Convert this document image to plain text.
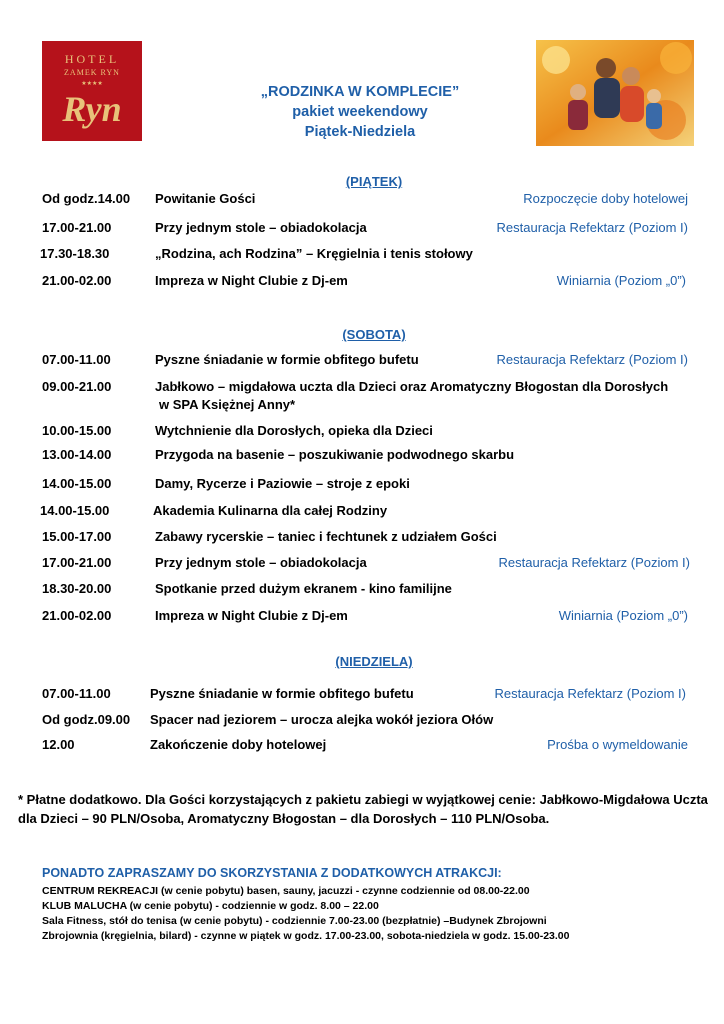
HOTEL
ZAMEK RYN
★★★★
Ryn	„RODZINKA W KOMPLECIE”
pakiet weekendowy
Piątek-Niedziela
(PIĄTEK)
Od godz.14.00 Powitanie Gości	Rozpoczęcie doby hotelowej
17.00-21.00	Przy jednym stole – obiadokolacja	Restauracja Refektarz (Poziom I)
17.30-18.30	„Rodzina, ach Rodzina” – Kręgielnia i tenis stołowy
21.00-02.00	Impreza w Night Clubie z Dj-em	Winiarnia (Poziom „0”)
(SOBOTA)
07.00-11.00	Pyszne śniadanie w formie obfitego bufetu	Restauracja Refektarz (Poziom I)
09.00-21.00	Jabłkowo – migdałowa uczta dla Dzieci oraz Aromatyczny Błogostan dla Dorosłych
w SPA Księżnej Anny*
10.00-15.00	Wytchnienie dla Dorosłych, opieka dla Dzieci
13.00-14.00	Przygoda na basenie – poszukiwanie podwodnego skarbu
14.00-15.00	Damy, Rycerze i Paziowie – stroje z epoki
14.00-15.00	Akademia Kulinarna dla całej Rodziny
15.00-17.00	Zabawy rycerskie – taniec i fechtunek z udziałem Gości
17.00-21.00	Przy jednym stole – obiadokolacja	Restauracja Refektarz (Poziom I)
18.30-20.00	Spotkanie przed dużym ekranem - kino familijne
21.00-02.00	Impreza w Night Clubie z Dj-em	Winiarnia (Poziom „0”)
(NIEDZIELA)
07.00-11.00	Pyszne śniadanie w formie obfitego bufetu	Restauracja Refektarz (Poziom I)
Od godz.09.00 Spacer nad jeziorem – urocza alejka wokół jeziora Ołów
12.00	Zakończenie doby hotelowej	Prośba o wymeldowanie
* Płatne dodatkowo. Dla Gości korzystających z pakietu zabiegi w wyjątkowej cenie: Jabłkowo-Migdałowa Uczta dla Dzieci – 90 PLN/Osoba, Aromatyczny Błogostan – dla Dorosłych – 110 PLN/Osoba.
PONADTO ZAPRASZAMY DO SKORZYSTANIA Z DODATKOWYCH ATRAKCJI:
CENTRUM REKREACJI (w cenie pobytu) basen, sauny, jacuzzi - czynne codziennie od 08.00-22.00
KLUB MALUCHA (w cenie pobytu) - codziennie w godz. 8.00 – 22.00
Sala Fitness, stół do tenisa (w cenie pobytu) - codziennie 7.00-23.00 (bezpłatnie) –Budynek Zbrojowni
Zbrojownia (kręgielnia, bilard) - czynne w piątek w godz. 17.00-23.00, sobota-niedziela w godz. 15.00-23.00
